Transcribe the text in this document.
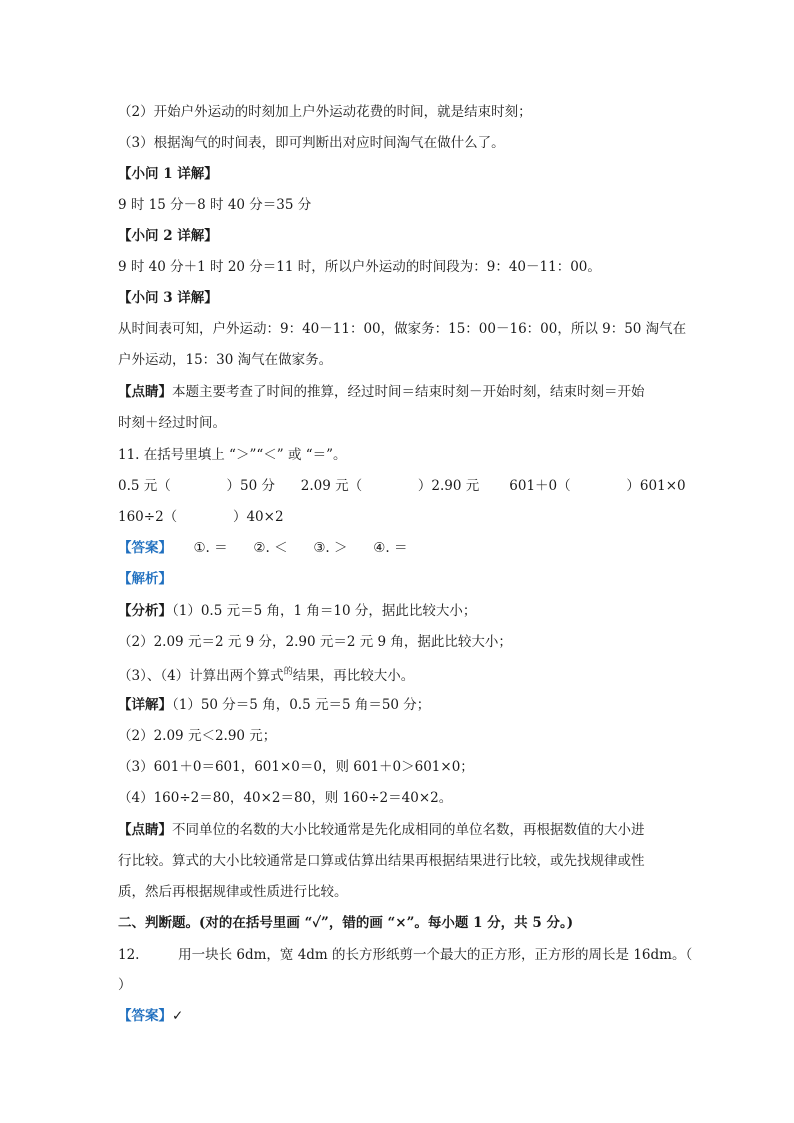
（2）开始户外运动的时刻加上户外运动花费的时间，就是结束时刻；
（3）根据淘气的时间表，即可判断出对应时间淘气在做什么了。
【小问 1 详解】
9 时 15 分－8 时 40 分＝35 分
【小问 2 详解】
9 时 40 分＋1 时 20 分＝11 时，所以户外运动的时间段为：9：40－11：00。
【小问 3 详解】
从时间表可知，户外运动：9：40－11：00，做家务：15：00－16：00，所以 9：50 淘气在
户外运动，15：30 淘气在做家务。
【点睛】本题主要考查了时间的推算，经过时间＝结束时刻－开始时刻，结束时刻＝开始
时刻＋经过时间。
11. 在括号里填上 “＞”“＜” 或 “＝”。
0.5 元（             ）50 分      2.09 元（             ）2.90 元       601＋0（             ）601×0
160÷2（             ）40×2
【答案】     ①. ＝      ②. ＜      ③. ＞      ④. ＝
【解析】
【分析】（1）0.5 元＝5 角，1 角＝10 分，据此比较大小；
（2）2.09 元＝2 元 9 分，2.90 元＝2 元 9 角，据此比较大小；
（3）、（4）计算出两个算式$^的$结果，再比较大小。
【详解】（1）50 分＝5 角，0.5 元＝5 角＝50 分；
（2）2.09 元＜2.90 元；
（3）601＋0＝601，601×0＝0，则 601＋0＞601×0；
（4）160÷2＝80，40×2＝80，则 160÷2＝40×2。
【点睛】不同单位的名数的大小比较通常是先化成相同的单位名数，再根据数值的大小进
行比较。算式的大小比较通常是口算或估算出结果再根据结果进行比较，或先找规律或性
质，然后再根据规律或性质进行比较。
二、判断题。(对的在括号里画 “✓”，错的画 “×”。每小题 1 分，共 5 分。)
12.         用一块长 6dm，宽 4dm 的长方形纸剪一个最大的正方形，正方形的周长是 16dm。（
）
【答案】✓
